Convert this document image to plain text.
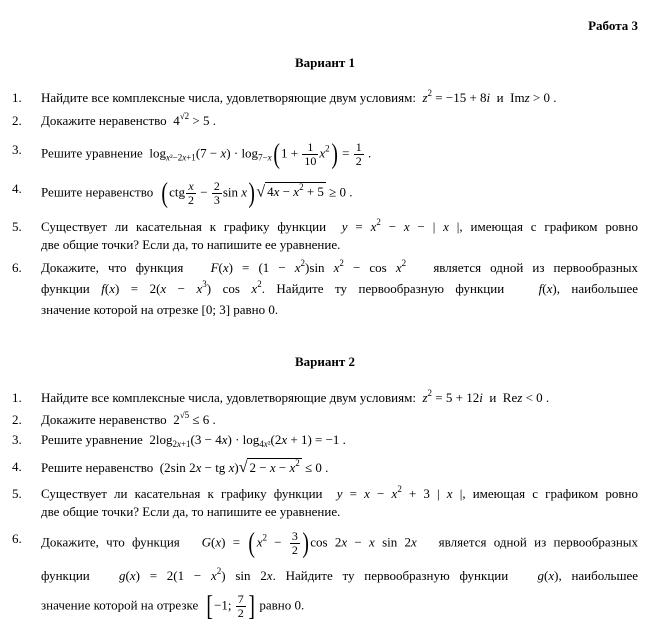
Работа 3
Вариант 1
1.	Найдите все комплексные числа, удовлетворяющие двум условиям: $z^2 = -15 + 8i$ и Imz > 0 .
2.	Докажите неравенство  $4^{√2} > 5$ .
3.	Решите уравнение $\log_{x^2-2x+1}(7 - x) \cdot \log_{7-x}(1 + \frac{1}{10} x^2) = \frac{1}{2}$ .
4.	Решите неравенство ($ctg \frac{x}{2} - \frac{2}{3}$ sin x)√ $4x - x^2 + 5 \ge 0$ .
5.	Существует ли касательная к графику функции $y = x^2 - x$ − | x |, имеющая с графиком ровно
две общие точки? Если да, то напишите ее уравнение.
6.	Докажите, что функция $F(x) = (1 - x^2)\sin$ $x^2 - \cos x^2$ является одной из первообразных
функции $f(x) = 2(x - x^3)$ $\cos x^2$. Найдите ту первообразную функции	f(x), наибольшее
значение которой на отрезке [0; 3] равно 0.
Вариант 2
1.	Найдите все комплексные числа, удовлетворяющие двум условиям: $z^2 = 5 + 12i$ и Rez < 0 .
2.	Докажите неравенство  $2^{√5} \le 6$ .
3.	Решите уравнение  $2\log_{2x+1}(3 - 4x) \cdot \log_{4x^2}(2x + 1) = -1$ .
4.	Решите неравенство  (2sin 2x − tg x)√ $2 - x - x^2 \le 0$ .
5.	Существует ли касательная к графику функции $y = x - x^2 + 3$ | x |, имеющая с графиком ровно
две общие точки? Если да, то напишите ее уравнение.
6.	Докажите, что функция $G(x) = (x^2 - \frac{3}{2} )\cos$ 2x − x sin 2x является одной из первообразных
функции $g(x) = 2(1 - x^2)$ sin 2x. Найдите ту первообразную функции g(x), наибольшее
значение которой на отрезке [−1; $\frac{7}{2}$ ] равно 0.
